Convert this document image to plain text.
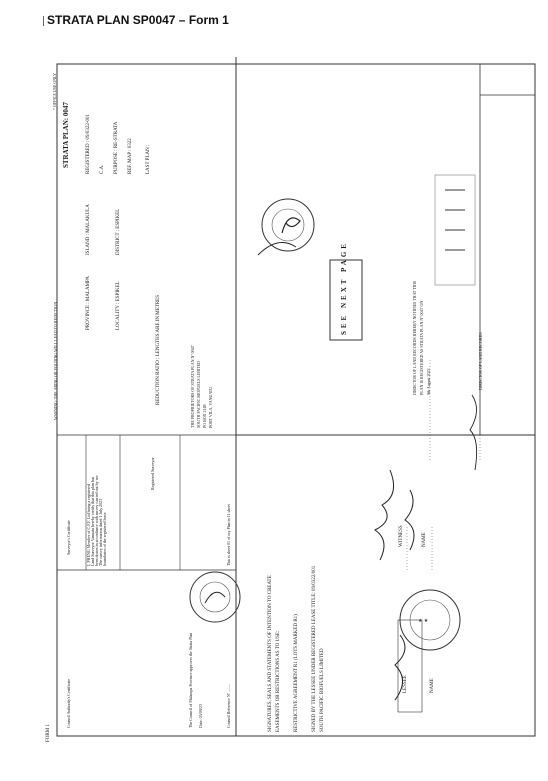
STRATA PLAN SP0047 – Form 1
★ ★
FORM 1
* OFFICE USE ONLY
WARNING: THE ARING OR FOLDING WILL LEAD TO REJECTION
STRATA PLAN: 0047	REGISTERED : 09/0322-001 C.A. PURPOSE : RE-STRATA REF. MAP : 0322	LAST PLAN :
PROVINCE : MALAMPA
ISLAND : MALAKULA
LOCALITY : ESPIKEL
DISTRICT : ESPIKEL
REDUCTION RATIO : LENGTHS ARE IN METRES	THE PROPRIETORS OF STRATA PLAN Nº 0047 SOUTH PACIFIC BIOFUELS LIMITED PO BOX 2148 PORT VILA, VANUATU
SEE NEXT PAGE	DIRECTOR OF LAND RECORDS HEREBY NOTIFIES THAT THIS PLAN IS REGISTERED AS STRATA PLAN Nº 0047 ON 9th August 2023	DIRECTOR OF LAND RECORDS
Council Authority's Certificate
Surveyor's Certificate	I, PHENG Member of C.F.F. Ltd being a registered Land Surveyor Vanuatu hereby certify that this plan has been drawn in accordance with survey carried out by me The survey information dated 1 July 2023 boundaries of the registered lease
Registered Surveyor
This is sheet 01 of my Plan in 11 sheet
The Council of Malampa Province approves the Strata Plan Date: 05/09/23	Council Reference Nº ........	SIGNATURES, SEALS AND STATEMENTS OF INTENTION TO CREATE EASEMENTS OR RESTRICTIONS AS TO USE:	RESTRICTIVE AGREEMENT R1 (LOTS MARKED R1)	SIGNED BY THE LESSEE UNDER REGISTERED LEASE TITLE: 09/0322/001 SOUTH PACIFIC BIOFUELS LIMITED
WITNESS	NAME
LESSEE	NAME
